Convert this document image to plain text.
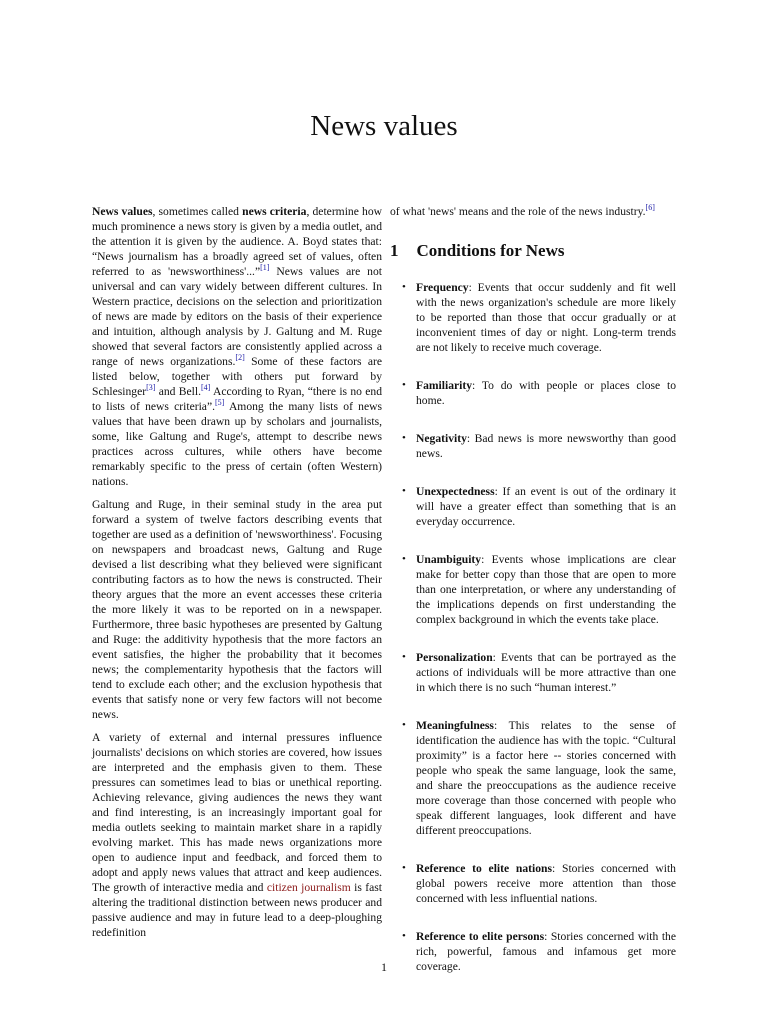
News values

News values, sometimes called news criteria, determine how much prominence a news story is given by a media outlet, and the attention it is given by the audience. A. Boyd states that: “News journalism has a broadly agreed set of values, often referred to as 'newsworthiness'...”[1] News values are not universal and can vary widely between different cultures. In Western practice, decisions on the selection and prioritization of news are made by editors on the basis of their experience and intuition, although analysis by J. Galtung and M. Ruge showed that several factors are consistently applied across a range of news organizations.[2] Some of these factors are listed below, together with others put forward by Schlesinger[3] and Bell.[4] According to Ryan, “there is no end to lists of news criteria”.[5] Among the many lists of news values that have been drawn up by scholars and journalists, some, like Galtung and Ruge's, attempt to describe news practices across cultures, while others have become remarkably specific to the press of certain (often Western) nations.

Galtung and Ruge, in their seminal study in the area put forward a system of twelve factors describing events that together are used as a definition of 'newsworthiness'. Focusing on newspapers and broadcast news, Galtung and Ruge devised a list describing what they believed were significant contributing factors as to how the news is constructed. Their theory argues that the more an event accesses these criteria the more likely it was to be reported on in a newspaper. Furthermore, three basic hypotheses are presented by Galtung and Ruge: the additivity hypothesis that the more factors an event satisfies, the higher the probability that it becomes news; the complementarity hypothesis that the factors will tend to exclude each other; and the exclusion hypothesis that events that satisfy none or very few factors will not become news.

A variety of external and internal pressures influence journalists' decisions on which stories are covered, how issues are interpreted and the emphasis given to them. These pressures can sometimes lead to bias or unethical reporting. Achieving relevance, giving audiences the news they want and find interesting, is an increasingly important goal for media outlets seeking to maintain market share in a rapidly evolving market. This has made news organizations more open to audience input and feedback, and forced them to adopt and apply news values that attract and keep audiences. The growth of interactive media and citizen journalism is fast altering the traditional distinction between news producer and passive audience and may in future lead to a deep-ploughing redefinition

of what 'news' means and the role of the news industry.[6]

1 Conditions for News
• Frequency: Events that occur suddenly and fit well with the news organization's schedule are more likely to be reported than those that occur gradually or at inconvenient times of day or night. Long-term trends are not likely to receive much coverage.
• Familiarity: To do with people or places close to home.
• Negativity: Bad news is more newsworthy than good news.
• Unexpectedness: If an event is out of the ordinary it will have a greater effect than something that is an everyday occurrence.
• Unambiguity: Events whose implications are clear make for better copy than those that are open to more than one interpretation, or where any understanding of the implications depends on first understanding the complex background in which the events take place.
• Personalization: Events that can be portrayed as the actions of individuals will be more attractive than one in which there is no such “human interest.”
• Meaningfulness: This relates to the sense of identification the audience has with the topic. “Cultural proximity” is a factor here -- stories concerned with people who speak the same language, look the same, and share the preoccupations as the audience receive more coverage than those concerned with people who speak different languages, look different and have different preoccupations.
• Reference to elite nations: Stories concerned with global powers receive more attention than those concerned with less influential nations.
• Reference to elite persons: Stories concerned with the rich, powerful, famous and infamous get more coverage.
1
